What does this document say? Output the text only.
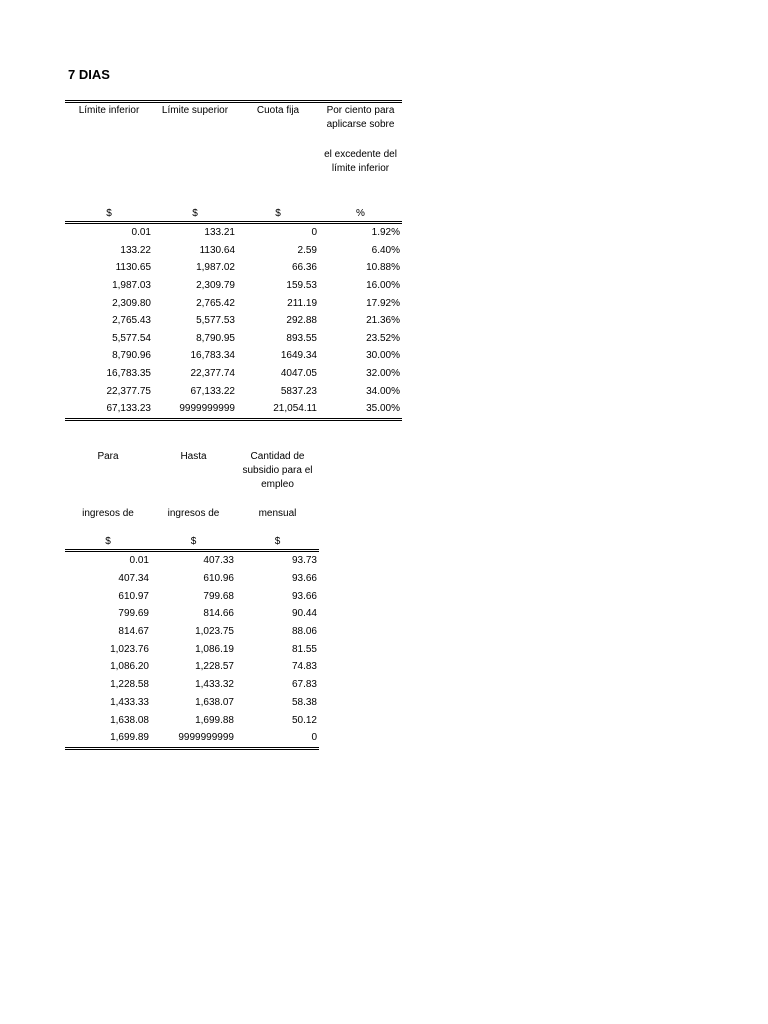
7 DIAS
Límite inferior	Límite superior	Cuota fija	Por ciento para aplicarse sobre
el excedente del límite inferior

$	$	$	%
0.01	133.21	0	1.92%
133.22	1130.64	2.59	6.40%
1130.65	1,987.02	66.36	10.88%
1,987.03	2,309.79	159.53	16.00%
2,309.80	2,765.42	211.19	17.92%
2,765.43	5,577.53	292.88	21.36%
5,577.54	8,790.95	893.55	23.52%
8,790.96	16,783.34	1649.34	30.00%
16,783.35	22,377.74	4047.05	32.00%
22,377.75	67,133.22	5837.23	34.00%
67,133.23	9999999999	21,054.11	35.00%
Para	Hasta	Cantidad de subsidio para el empleo
ingresos de	ingresos de	mensual
$	$	$
0.01	407.33	93.73
407.34	610.96	93.66
610.97	799.68	93.66
799.69	814.66	90.44
814.67	1,023.75	88.06
1,023.76	1,086.19	81.55
1,086.20	1,228.57	74.83
1,228.58	1,433.32	67.83
1,433.33	1,638.07	58.38
1,638.08	1,699.88	50.12
1,699.89	9999999999	0
